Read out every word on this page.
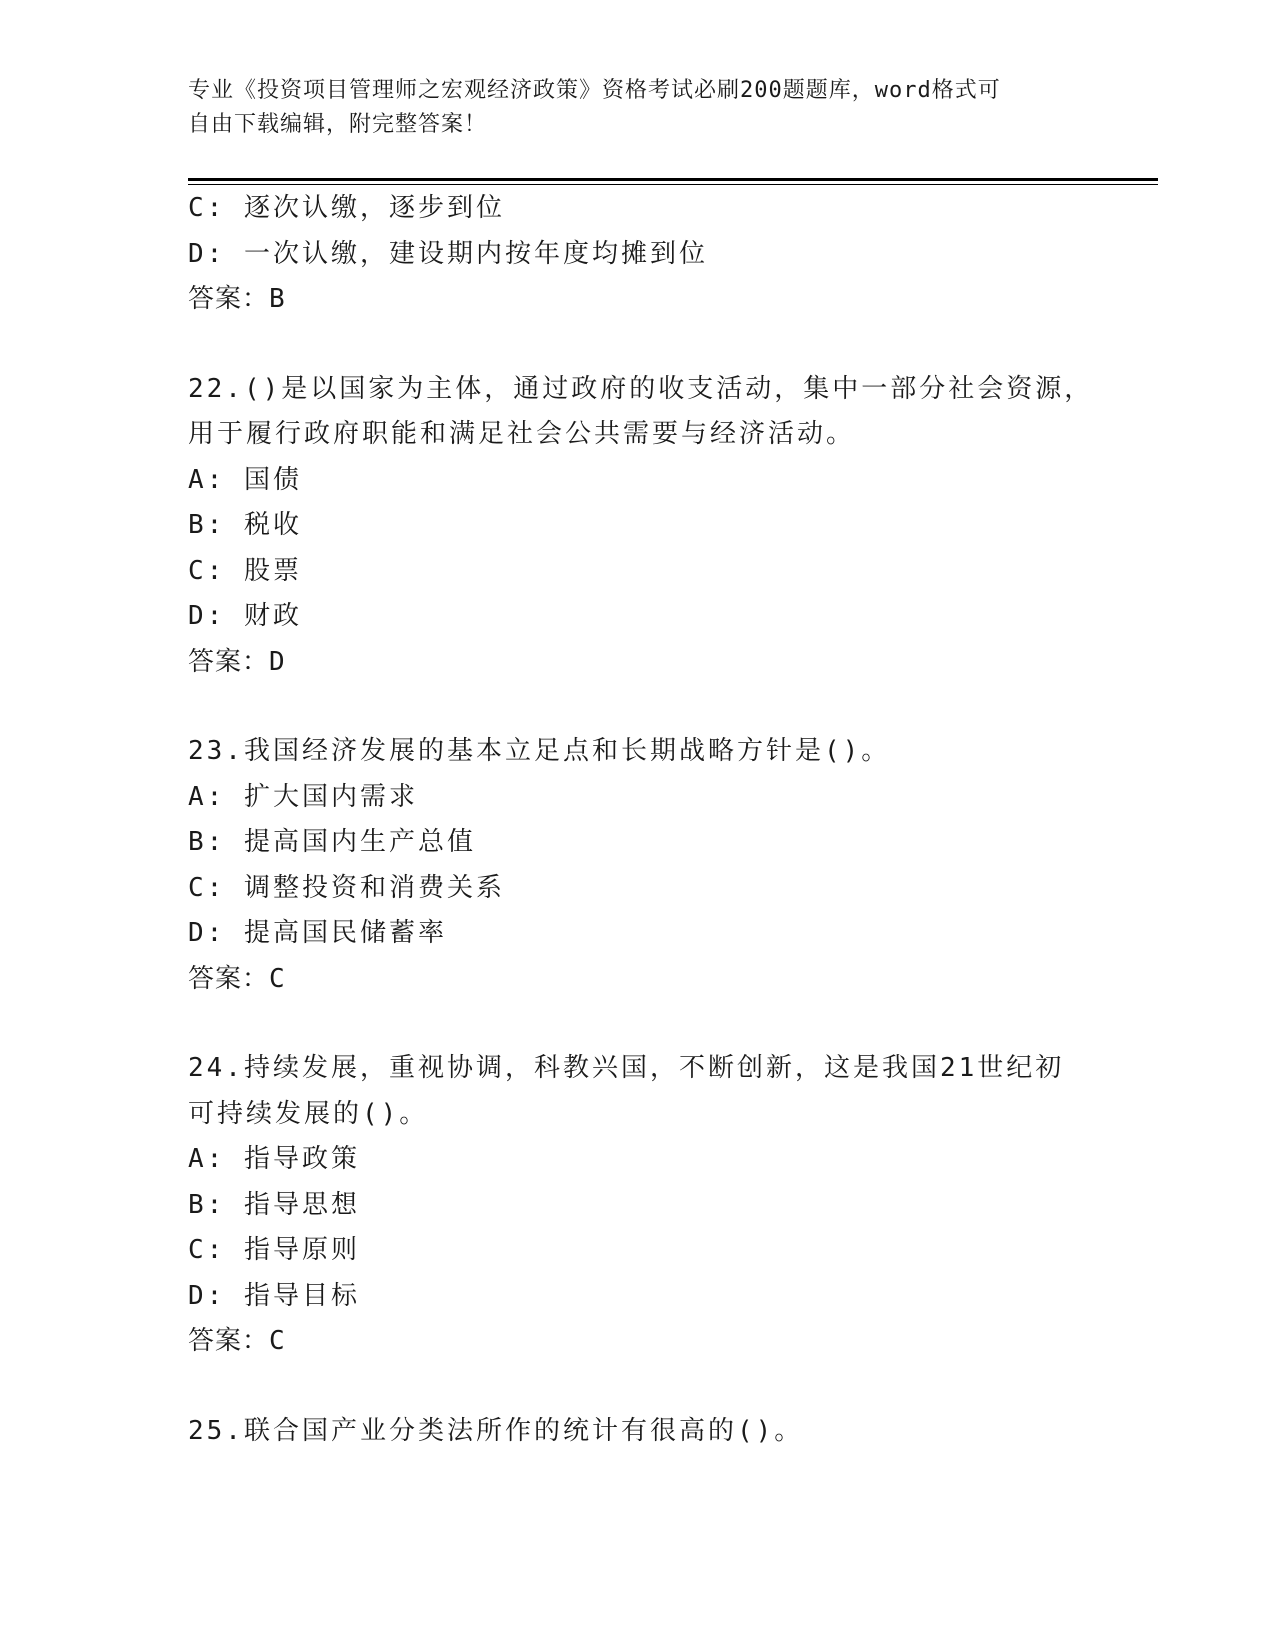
专业《投资项目管理师之宏观经济政策》资格考试必刷200题题库，word格式可
自由下载编辑，附完整答案！
C: 逐次认缴，逐步到位
D: 一次认缴，建设期内按年度均摊到位
答案：B
22.()是以国家为主体，通过政府的收支活动，集中一部分社会资源，
用于履行政府职能和满足社会公共需要与经济活动。
A: 国债
B: 税收
C: 股票
D: 财政
答案：D
23.我国经济发展的基本立足点和长期战略方针是()。
A: 扩大国内需求
B: 提高国内生产总值
C: 调整投资和消费关系
D: 提高国民储蓄率
答案：C
24.持续发展，重视协调，科教兴国，不断创新，这是我国21世纪初
可持续发展的()。
A: 指导政策
B: 指导思想
C: 指导原则
D: 指导目标
答案：C
25.联合国产业分类法所作的统计有很高的()。
